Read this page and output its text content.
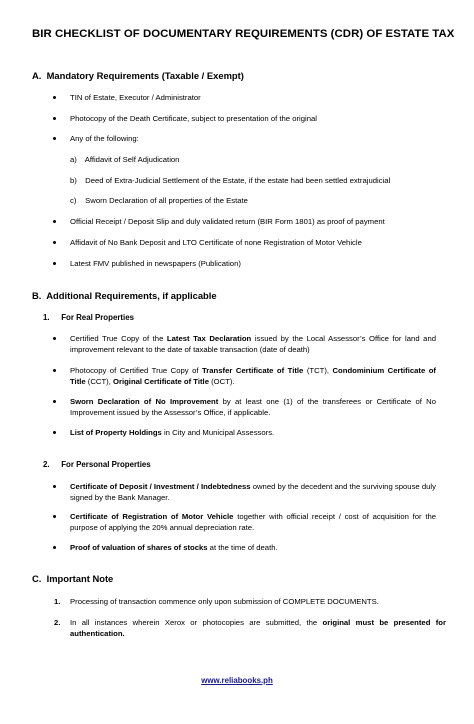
BIR CHECKLIST OF DOCUMENTARY REQUIREMENTS (CDR) OF ESTATE TAX
A. Mandatory Requirements (Taxable / Exempt)
TIN of Estate, Executor / Administrator
Photocopy of the Death Certificate, subject to presentation of the original
Any of the following:
a) Affidavit of Self Adjudication
b) Deed of Extra-Judicial Settlement of the Estate, if the estate had been settled extrajudicial
c) Sworn Declaration of all properties of the Estate
Official Receipt / Deposit Slip and duly validated return (BIR Form 1801) as proof of payment
Affidavit of No Bank Deposit and LTO Certificate of none Registration of Motor Vehicle
Latest FMV published in newspapers (Publication)
B. Additional Requirements, if applicable
1. For Real Properties
Certified True Copy of the Latest Tax Declaration issued by the Local Assessor’s Office for land and improvement relevant to the date of taxable transaction (date of death)
Photocopy of Certified True Copy of Transfer Certificate of Title (TCT), Condominium Certificate of Title (CCT), Original Certificate of Title (OCT).
Sworn Declaration of No Improvement by at least one (1) of the transferees or Certificate of No Improvement issued by the Assessor’s Office, if applicable.
List of Property Holdings in City and Municipal Assessors.
2. For Personal Properties
Certificate of Deposit / Investment / Indebtedness owned by the decedent and the surviving spouse duly signed by the Bank Manager.
Certificate of Registration of Motor Vehicle together with official receipt / cost of acquisition for the purpose of applying the 20% annual depreciation rate.
Proof of valuation of shares of stocks at the time of death.
C. Important Note
1. Processing of transaction commence only upon submission of COMPLETE DOCUMENTS.
2. In all instances wherein Xerox or photocopies are submitted, the original must be presented for authentication.
www.reliabooks.ph
